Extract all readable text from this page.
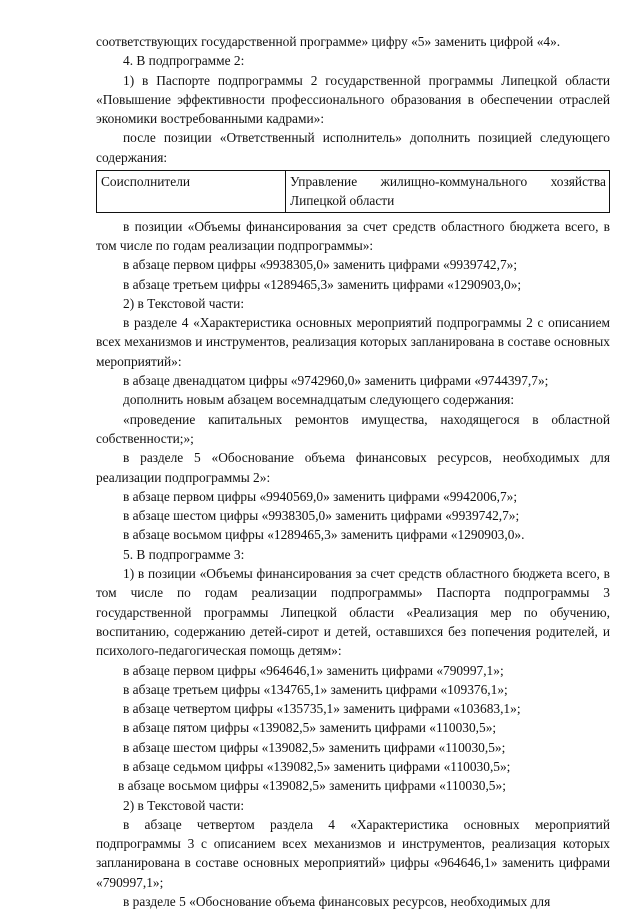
соответствующих государственной программе» цифру «5» заменить цифрой «4».

4. В подпрограмме 2:

1) в Паспорте подпрограммы 2 государственной программы Липецкой области «Повышение эффективности профессионального образования в обеспечении отраслей экономики востребованными кадрами»:

после позиции «Ответственный исполнитель» дополнить позицией следующего содержания:

Соисполнители	Управление жилищно-коммунального хозяйства Липецкой области

в позиции «Объемы финансирования за счет средств областного бюджета всего, в том числе по годам реализации подпрограммы»:

в абзаце первом цифры «9938305,0» заменить цифрами «9939742,7»;

в абзаце третьем цифры «1289465,3» заменить цифрами «1290903,0»;

2) в Текстовой части:

в разделе 4 «Характеристика основных мероприятий подпрограммы 2 с описанием всех механизмов и инструментов, реализация которых запланирована в составе основных мероприятий»:

в абзаце двенадцатом цифры «9742960,0» заменить цифрами «9744397,7»;

дополнить новым абзацем восемнадцатым следующего содержания:

«проведение капитальных ремонтов имущества, находящегося в областной собственности;»;

в разделе 5 «Обоснование объема финансовых ресурсов, необходимых для реализации подпрограммы 2»:

в абзаце первом цифры «9940569,0» заменить цифрами «9942006,7»;

в абзаце шестом цифры «9938305,0» заменить цифрами «9939742,7»;

в абзаце восьмом цифры «1289465,3» заменить цифрами «1290903,0».

5. В подпрограмме 3:

1) в позиции «Объемы финансирования за счет средств областного бюджета всего, в том числе по годам реализации подпрограммы» Паспорта подпрограммы 3 государственной программы Липецкой области «Реализация мер по обучению, воспитанию, содержанию детей-сирот и детей, оставшихся без попечения родителей, и психолого-педагогическая помощь детям»:

в абзаце первом цифры «964646,1» заменить цифрами «790997,1»;

в абзаце третьем цифры «134765,1» заменить цифрами «109376,1»;

в абзаце четвертом цифры «135735,1» заменить цифрами «103683,1»;

в абзаце пятом цифры «139082,5» заменить цифрами «110030,5»;

в абзаце шестом цифры «139082,5» заменить цифрами «110030,5»;

в абзаце седьмом цифры «139082,5» заменить цифрами «110030,5»;

в абзаце восьмом цифры «139082,5» заменить цифрами «110030,5»;

2) в Текстовой части:

в абзаце четвертом раздела 4 «Характеристика основных мероприятий подпрограммы 3 с описанием всех механизмов и инструментов, реализация которых запланирована в составе основных мероприятий» цифры «964646,1» заменить цифрами «790997,1»;

в разделе 5 «Обоснование объема финансовых ресурсов, необходимых для
